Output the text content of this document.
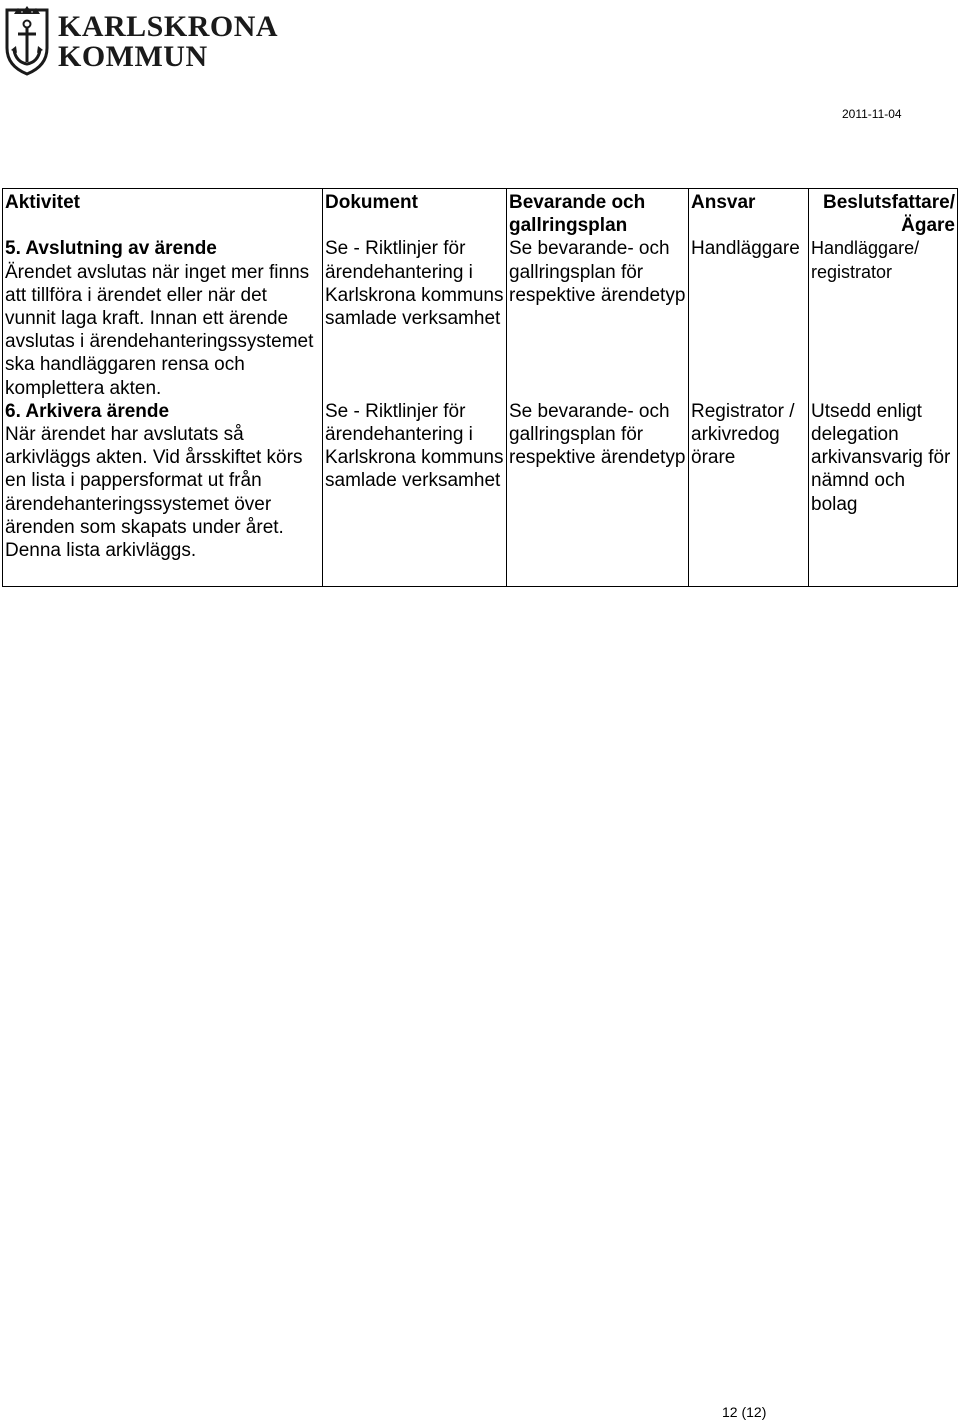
KARLSKRONA
KOMMUN
2011-11-04
Aktivitet	Dokument	Bevarande och gallringsplan	Ansvar	Beslutsfattare/ Ägare

5. Avslutning av ärende
Ärendet avslutas när inget mer finns att tillföra i ärendet eller när det vunnit laga kraft. Innan ett ärende avslutas i ärendehanteringssystemet ska handläggaren rensa och komplettera akten.	Se - Riktlinjer för ärendehantering i Karlskrona kommuns samlade verksamhet	Se bevarande- och gallringsplan för respektive ärendetyp	Handläggare	Handläggare/ registrator

6. Arkivera ärende
När ärendet har avslutats så arkivläggs akten. Vid årsskiftet körs en lista i pappersformat ut från ärendehanteringssystemet över ärenden som skapats under året. Denna lista arkivläggs.	Se - Riktlinjer för ärendehantering i Karlskrona kommuns samlade verksamhet	Se bevarande- och gallringsplan för respektive ärendetyp	Registrator / arkivredog örare	Utsedd enligt delegation arkivansvarig för nämnd och bolag
12 (12)
